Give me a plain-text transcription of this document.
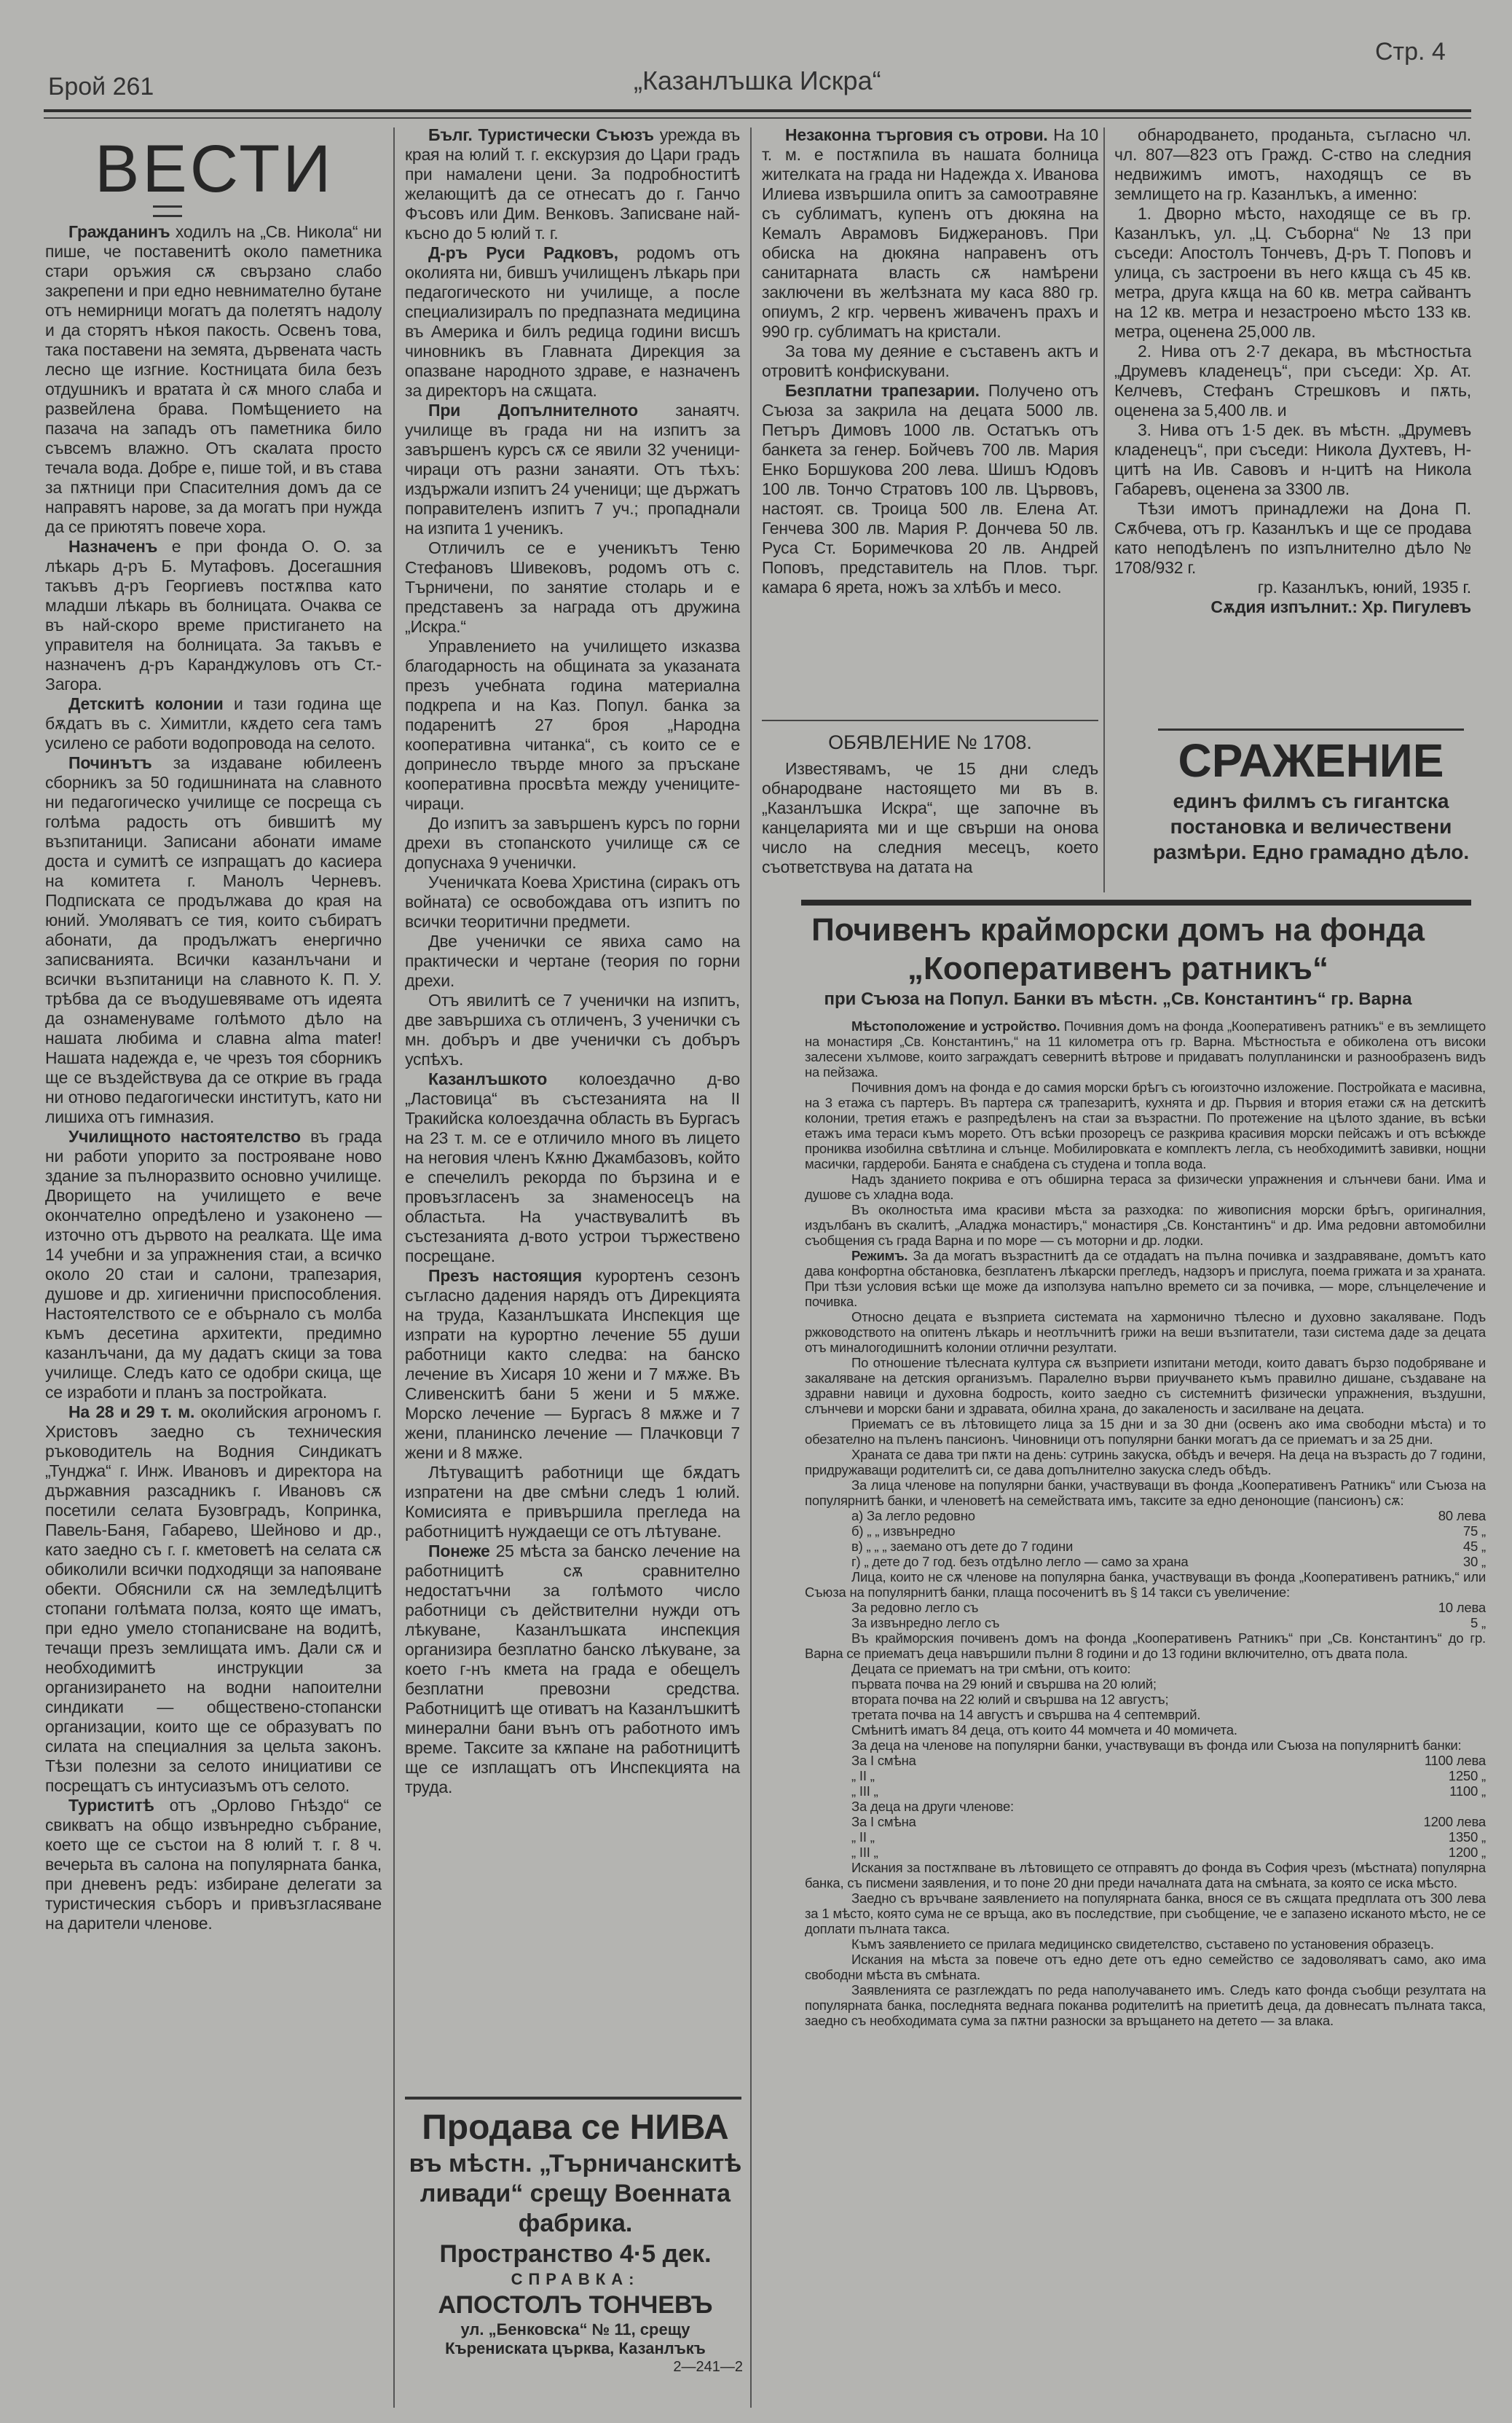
Брой 261	„Казанлъшка Искра“
Стр. 4
ВЕСТИ

Гражданинъ ходилъ на „Св. Никола“ ни пише, че поставенитѣ около паметника стари оръжия сѫ свързано слабо закрепени и при едно невнимателно бутане отъ немирници могатъ да полетятъ надолу и да сторятъ нѣкоя пакость. Освенъ това, така поставени на земята, дървената часть лесно ще изгние. Костницата била безъ отдушникъ и вратата ѝ сѫ много слаба и развейлена брава. Помѣщението на пазача на западъ отъ паметника било съвсемъ влажно. Отъ скалата просто течала вода. Добре е, пише той, и въ става за пѫтници при Спасителния домъ да се направятъ нарове, за да могатъ при нужда да се приютятъ повече хора.

Назначенъ е при фонда О. О. за лѣкарь д-ръ Б. Мутафовъ. Досегашния такъвъ д-ръ Георгиевъ постѫпва като младши лѣкарь въ болницата. Очаква се въ най-скоро време пристигането на управителя на болницата. За такъвъ е назначенъ д-ръ Каранджуловъ отъ Ст.-Загора.

Детскитѣ колонии и тази година ще бѫдатъ въ с. Химитли, кѫдето сега тамъ усилено се работи водопровода на селото.

Починътъ за издаване юбилеенъ сборникъ за 50 годишнината на славното ни педагогическо училище се посреща съ голѣма радость отъ бившитѣ му възпитаници. Записани абонати имаме доста и сумитѣ се изпращатъ до касиера на комитета г. Манолъ Черневъ. Подписката се продължава до края на юний. Умоляватъ се тия, които събиратъ абонати, да продължатъ енергично записванията. Всички казанлъчани и всички възпитаници на славното К. П. У. трѣбва да се въодушевяваме отъ идеята да ознаменуваме голѣмото дѣло на нашата любима и славна alma mater! Нашата надежда е, че чрезъ тоя сборникъ ще се въздействува да се открие въ града ни отново педагогически институтъ, като ни лишиха отъ гимназия.

Училищното настоятелство въ града ни работи упорито за построяване ново здание за пълноразвито основно училище. Дворището на училището е вече окончателно опредѣлено и узаконено — източно отъ дървото на реалката. Ще има 14 учебни и за упражнения стаи, а всичко около 20 стаи и салони, трапезария, душове и др. хигиенични приспособления. Настоятелството се е обърнало съ молба къмъ десетина архитекти, предимно казанлъчани, да му дадатъ скици за това училище. Следъ като се одобри скица, ще се изработи и планъ за постройката.

На 28 и 29 т. м. околийския агрономъ г. Христовъ заедно съ техническия ръководитель на Водния Синдикатъ „Тунджа“ г. Инж. Ивановъ и директора на държавния разсадникъ г. Ивановъ сѫ посетили селата Бузовградъ, Копринка, Павель-Баня, Габарево, Шейново и др., като заедно съ г. г. кметоветѣ на селата сѫ обиколили всички подходящи за напояване обекти. Обяснили сѫ на земледѣлцитѣ стопани голѣмата полза, която ще иматъ, при едно умело стопанисване на водитѣ, течащи презъ землищата имъ. Дали сѫ и необходимитѣ инструкции за организирането на водни напоителни синдикати — обществено-стопански организации, които ще се образуватъ по силата на специалния за цельта законъ. Тѣзи полезни за селото инициативи се посрещатъ съ интусиазъмъ отъ селото.

Туриститѣ отъ „Орлово Гнѣздо“ се свикватъ на общо извънредно събрание, което ще се състои на 8 юлий т. г. 8 ч. вечерьта въ салона на популярната банка, при дневенъ редъ: избиране делегати за туристическия съборъ и привъзгласяване на дарители членове.

Бълг. Туристически Съюзъ урежда въ края на юлий т. г. екскурзия до Цари градъ при намалени цени. За подробноститѣ желающитѣ да се отнесатъ до г. Ганчо Фъсовъ или Дим. Венковъ. Записване най-късно до 5 юлий т. г.

Д-ръ Руси Радковъ, родомъ отъ околията ни, бившъ училищенъ лѣкарь при педагогическото ни училище, а после специализиралъ по предпазната медицина въ Америка и билъ редица години висшъ чиновникъ въ Главната Дирекция за опазване народното здраве, е назначенъ за директоръ на сѫщата.

При Допълнителното занаятч. училище въ града ни на изпитъ за завършенъ курсъ сѫ се явили 32 ученици-чираци отъ разни занаяти. Отъ тѣхъ: издържали изпитъ 24 ученици; ще държатъ поправителенъ изпитъ 7 уч.; пропаднали на изпита 1 ученикъ.

Отличилъ се е ученикътъ Теню Стефановъ Шивековъ, родомъ отъ с. Търничени, по занятие столарь и е представенъ за награда отъ дружина „Искра.“

Управлението на училището изказва благодарность на общината за указаната презъ учебната година материална подкрепа и на Каз. Попул. банка за подаренитѣ 27 броя „Народна кооперативна читанка“, съ които се е допринесло твърде много за пръскане кооперативна просвѣта между учениците-чираци.

До изпитъ за завършенъ курсъ по горни дрехи въ стопанското училище сѫ се допуснаха 9 ученички.

Ученичката Коева Христина (сиракъ отъ войната) се освобождава отъ изпитъ по всички теоритични предмети.

Две ученички се явиха само на практически и чертане (теория по горни дрехи.

Отъ явилитѣ се 7 ученички на изпитъ, две завършиха съ отличенъ, 3 ученички съ мн. добъръ и две ученички съ добъръ успѣхъ.

Казанлъшкото колоездачно д-во „Ластовица“ въ състезанията на II Тракийска колоездачна область въ Бургасъ на 23 т. м. се е отличило много въ лицето на неговия членъ Кѫню Джамбазовъ, който е спечелилъ рекорда по бързина и е провъзгласенъ за знаменосецъ на областьта. На участвувалитѣ въ състезанията д-вото устрои тържествено посрещане.

Презъ настоящия курортенъ сезонъ съгласно дадения нарядъ отъ Дирекцията на труда, Казанлъшката Инспекция ще изпрати на курортно лечение 55 души работници както следва: на банско лечение въ Хисаря 10 жени и 7 мѫже. Въ Сливенскитѣ бани 5 жени и 5 мѫже. Морско лечение — Бургасъ 8 мѫже и 7 жени, планинско лечение — Плачковци 7 жени и 8 мѫже.

Лѣтуващитѣ работници ще бѫдатъ изпратени на две смѣни следъ 1 юлий. Комисията е привършила прегледа на работницитѣ нуждаещи се отъ лѣтуване.

Понеже 25 мѣста за банско лечение на работницитѣ сѫ сравнително недостатъчни за голѣмото число работници съ действителни нужди отъ лѣкуване, Казанлъшката инспекция организира безплатно банско лѣкуване, за което г-нъ кмета на града е обещелъ безплатни превозни средства. Работницитѣ ще отиватъ на Казанлъшкитѣ минерални бани вънъ отъ работното имъ време. Таксите за кѫпане на работницитѣ ще се изплащатъ отъ Инспекцията на труда.

Продава се НИВА
въ мѣстн. „Търничанскитѣ ливади“ срещу Военната фабрика.
Пространство 4·5 дек.
СПРАВКА:
АПОСТОЛЪ ТОНЧЕВЪ
ул. „Бенковска“ № 11, срещу Кърениската църква, Казанлъкъ
2—241—2

Незаконна търговия съ отрови. На 10 т. м. е постѫпила въ нашата болница жителката на града ни Надежда х. Иванова Илиева извършила опитъ за самоотравяне съ сублиматъ, купенъ отъ дюкяна на Кемалъ Аврамовъ Биджерановъ. При обиска на дюкяна направенъ отъ санитарната власть сѫ намѣрени заключени въ желѣзната му каса 880 гр. опиумъ, 2 кгр. червенъ живаченъ прахъ и 990 гр. сублиматъ на кристали.

За това му деяние е съставенъ актъ и отровитѣ конфискувани.

Безплатни трапезарии. Получено отъ Съюза за закрила на децата 5000 лв. Петъръ Димовъ 1000 лв. Остатъкъ отъ банкета за генер. Бойчевъ 700 лв. Мария Енко Боршукова 200 лева. Шишъ Юдовъ 100 лв. Тончо Стратовъ 100 лв. Цървовъ, настоят. св. Троица 500 лв. Елена Ат. Генчева 300 лв. Мария Р. Дончева 50 лв. Руса Ст. Боримечкова 20 лв. Андрей Поповъ, представитель на Плов. търг. камара 6 ярета, ножъ за хлѣбъ и месо.

ОБЯВЛЕНИЕ № 1708.

Известявамъ, че 15 дни следъ обнародване настоящето ми въ в. „Казанлъшка Искра“, ще започне въ канцеларията ми и ще свърши на онова число на следния месецъ, което съответствува на датата на

обнародването, проданьта, съгласно чл. чл. 807—823 отъ Гражд. С-ство на следния недвижимъ имотъ, находящъ се въ землището на гр. Казанлъкъ, а именно:

1. Дворно мѣсто, находяще се въ гр. Казанлъкъ, ул. „Ц. Съборна“ № 13 при съседи: Апостолъ Тончевъ, Д-ръ Т. Поповъ и улица, съ застроени въ него кѫща съ 45 кв. метра, друга кѫща на 60 кв. метра сайвантъ на 12 кв. метра и незастроено мѣсто 133 кв. метра, оценена 25,000 лв.

2. Нива отъ 2·7 декара, въ мѣстностьта „Друмевъ кладенецъ“, при съседи: Хр. Ат. Келчевъ, Стефанъ Стрешковъ и пѫть, оценена за 5,400 лв. и

3. Нива отъ 1·5 дек. въ мѣстн. „Друмевъ кладенецъ“, при съседи: Никола Духтевъ, Н-цитѣ на Ив. Савовъ и н-цитѣ на Никола Габаревъ, оценена за 3300 лв.

Тѣзи имотъ принадлежи на Дона П. Сѫбчева, отъ гр. Казанлъкъ и ще се продава като неподѣленъ по изпълнително дѣло № 1708/932 г.

гр. Казанлъкъ, юний, 1935 г.

Сѫдия изпълнит.: Хр. Пигулевъ

СРАЖЕНИЕ
единъ филмъ съ гигантска постановка и величествени размѣри. Едно грамадно дѣло.
Почивенъ крайморски домъ на фонда
„Кооперативенъ ратникъ“
при Съюза на Попул. Банки въ мѣстн. „Св. Константинъ“ гр. Варна

Мѣстоположение и устройство. Почивния домъ на фонда „Кооперативенъ ратникъ“ е въ землището на монастиря „Св. Константинъ,“ на 11 километра отъ гр. Варна. Мѣстностьта е обиколена отъ високи залесени хълмове, които заграждатъ севернитѣ вѣтрове и придаватъ полупланински и разнообразенъ видъ на пейзажа.

Почивния домъ на фонда е до самия морски брѣгъ съ югоизточно изложение. Постройката е масивна, на 3 етажа съ партеръ. Въ партера сѫ трапезаритѣ, кухнята и др. Първия и втория етажи сѫ на детскитѣ колонии, третия етажъ е разпредѣленъ на стаи за възрастни. По протежение на цѣлото здание, въ всѣки етажъ има тераси къмъ морето. Отъ всѣки прозорецъ се разкрива красивия морски пейсажъ и отъ всѣкжде прониква изобилна свѣтлина и слънце. Мобилировката е комплектъ легла, съ необходимитѣ завивки, нощни масички, гардероби. Банята е снабдена съ студена и топла вода.

Надъ зданието покрива е отъ обширна тераса за физически упражнения и слънчеви бани. Има и душове съ хладна вода.

Въ околностьта има красиви мѣста за разходка: по живописния морски брѣгъ, оригиналния, издълбанъ въ скалитѣ, „Аладжа монастиръ,“ монастиря „Св. Константинъ“ и др. Има редовни автомобилни съобщения съ града Варна и по море — съ моторни и др. лодки.

Режимъ. За да могатъ възрастнитѣ да се отдадатъ на пълна почивка и заздравяване, домътъ като дава конфортна обстановка, безплатенъ лѣкарски прегледъ, надзоръ и прислуга, поема грижата и за храната. При тѣзи условия всѣки ще може да използува напълно времето си за почивка, — море, слънцелечение и почивка.

Относно децата е възприета системата на хармонично тѣлесно и духовно закаляване. Подъ ржководството на опитенъ лѣкарь и неотлъчнитѣ грижи на веши възпитатели, тази система даде за децата отъ миналогодишнитѣ колонии отлични резултати.

По отношение тѣлесната култура сѫ възприети изпитани методи, които даватъ бързо подобряване и закаляване на детския организъмъ. Паралелно върви приучването къмъ правилно дишане, създаване на здравни навици и духовна бодрость, които заедно съ системнитѣ физически упражнения, въздушни, слънчеви и морски бани и здравата, обилна храна, до закаленость и засилване на децата.

Приематъ се въ лѣтовището лица за 15 дни и за 30 дни (освенъ ако има свободни мѣста) и то обезателно на пъленъ пансионъ. Чиновници отъ популярни банки могатъ да се приематъ и за 25 дни.

Храната се дава три пѫти на день: сутринь закуска, обѣдъ и вечеря. На деца на възрасть до 7 години, придружаващи родителитѣ си, се дава допълнително закуска следъ обѣдъ.

За лица членове на популярни банки, участвуващи въ фонда „Кооперативенъ Ратникъ“ или Съюза на популярнитѣ банки, и членоветѣ на семействата имъ, таксите за едно денонощие (пансионъ) сѫ:

а) За легло редовно	80 лева
б) „ „ извънредно	75 „
в) „ „ „ заемано отъ дете до 7 години	45 „
г) „ дете до 7 год. безъ отдѣлно легло — само за храна	30 „

Лица, които не сѫ членове на популярна банка, участвуващи въ фонда „Кооперативенъ ратникъ,“ или Съюза на популярнитѣ банки, плаща посоченитѣ въ § 14 такси съ увеличение:

За редовно легло съ	10 лева
За извънредно легло съ	5 „

Въ крайморския почивенъ домъ на фонда „Кооперативенъ Ратникъ“ при „Св. Константинъ“ до гр. Варна се приематъ деца навършили пълни 8 години и до 13 години включително, отъ двата пола.

Децата се приематъ на три смѣни, отъ които:

първата почва на 29 юний и свършва на 20 юлий;

втората почва на 22 юлий и свършва на 12 августъ;

третата почва на 14 августъ и свършва на 4 септемврий.

Смѣнитѣ иматъ 84 деца, отъ които 44 момчета и 40 момичета.

За деца на членове на популярни банки, участвуващи въ фонда или Съюза на популярнитѣ банки:

За I смѣна	1100 лева
„ II „	1250 „
„ III „	1100 „

За деца на други членове:

За I смѣна	1200 лева
„ II „	1350 „
„ III „	1200 „

Искания за постѫпване въ лѣтовището се отправятъ до фонда въ София чрезъ (мѣстната) популярна банка, съ писмени заявления, и то поне 20 дни преди началната дата на смѣната, за която се иска мѣсто.

Заедно съ връчване заявлението на популярната банка, внося се въ сѫщата предплата отъ 300 лева за 1 мѣсто, която сума не се връща, ако въ последствие, при съобщение, че е запазено исканото мѣсто, не се доплати пълната такса.

Къмъ заявлението се прилага медицинско свидетелство, съставено по установения образецъ.

Искания на мѣста за повече отъ едно дете отъ едно семейство се задоволяватъ само, ако има свободни мѣста въ смѣната.

Заявленията се разглеждатъ по реда наполучаването имъ. Следъ като фонда съобщи резултата на популярната банка, последнята веднага поканва родителитѣ на приетитѣ деца, да довнесатъ пълната такса, заедно съ необходимата сума за пѫтни разноски за връщането на детето — за влака.
